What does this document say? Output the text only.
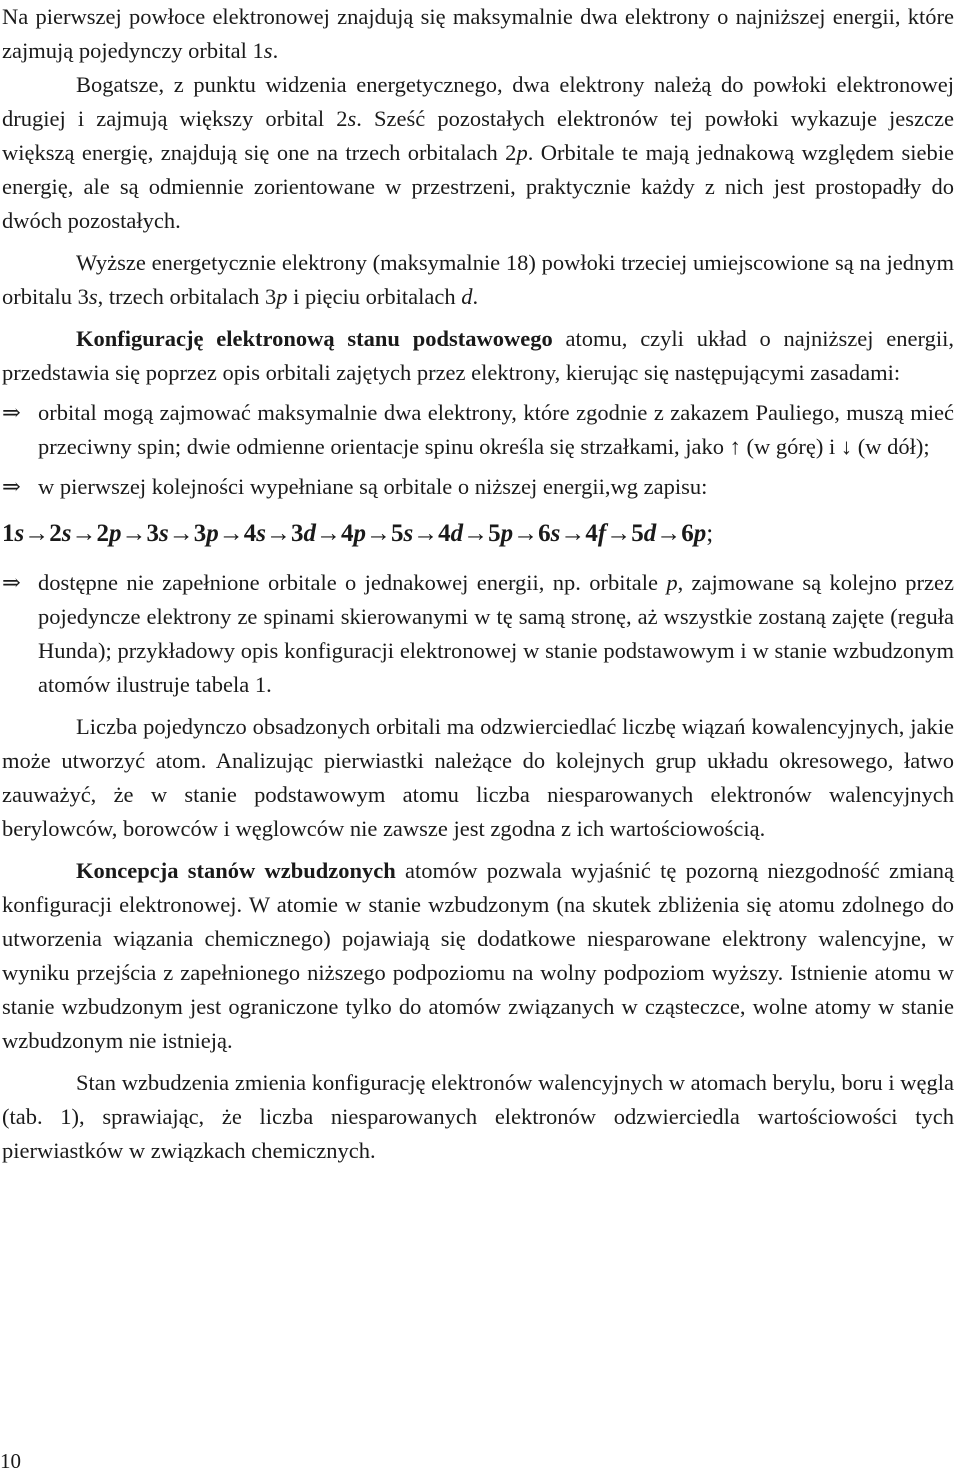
Na pierwszej powłoce elektronowej znajdują się maksymalnie dwa elektrony o najniższej energii, które zajmują pojedynczy orbital 1s.

Bogatsze, z punktu widzenia energetycznego, dwa elektrony należą do powłoki elektronowej drugiej i zajmują większy orbital 2s. Sześć pozostałych elektronów tej powłoki wykazuje jeszcze większą energię, znajdują się one na trzech orbitalach 2p. Orbitale te mają jednakową względem siebie energię, ale są odmiennie zorientowane w przestrzeni, praktycznie każdy z nich jest prostopadły do dwóch pozostałych.

Wyższe energetycznie elektrony (maksymalnie 18) powłoki trzeciej umiejscowione są na jednym orbitalu 3s, trzech orbitalach 3p i pięciu orbitalach d.

Konfigurację elektronową stanu podstawowego atomu, czyli układ o najniższej energii, przedstawia się poprzez opis orbitali zajętych przez elektrony, kierując się następującymi zasadami:

⇒ orbital mogą zajmować maksymalnie dwa elektrony, które zgodnie z zakazem Pauliego, muszą mieć przeciwny spin; dwie odmienne orientacje spinu określa się strzałkami, jako ↑ (w górę) i ↓ (w dół);
⇒ w pierwszej kolejności wypełniane są orbitale o niższej energii,wg zapisu:
1s→2s→2p→3s→3p→4s→3d→4p→5s→4d→5p→6s→4f→5d→6p;
⇒ dostępne nie zapełnione orbitale o jednakowej energii, np. orbitale p, zajmowane są kolejno przez pojedyncze elektrony ze spinami skierowanymi w tę samą stronę, aż wszystkie zostaną zajęte (reguła Hunda); przykładowy opis konfiguracji elektronowej w stanie podstawowym i w stanie wzbudzonym atomów ilustruje tabela 1.

Liczba pojedynczo obsadzonych orbitali ma odzwierciedlać liczbę wiązań kowalencyjnych, jakie może utworzyć atom. Analizując pierwiastki należące do kolejnych grup układu okresowego, łatwo zauważyć, że w stanie podstawowym atomu liczba niesparowanych elektronów walencyjnych berylowców, borowców i węglowców nie zawsze jest zgodna z ich wartościowością.

Koncepcja stanów wzbudzonych atomów pozwala wyjaśnić tę pozorną niezgodność zmianą konfiguracji elektronowej. W atomie w stanie wzbudzonym (na skutek zbliżenia się atomu zdolnego do utworzenia wiązania chemicznego) pojawiają się dodatkowe niesparowane elektrony walencyjne, w wyniku przejścia z zapełnionego niższego podpoziomu na wolny podpoziom wyższy. Istnienie atomu w stanie wzbudzonym jest ograniczone tylko do atomów związanych w cząsteczce, wolne atomy w stanie wzbudzonym nie istnieją.

Stan wzbudzenia zmienia konfigurację elektronów walencyjnych w atomach berylu, boru i węgla (tab. 1), sprawiając, że liczba niesparowanych elektronów odzwierciedla wartościowości tych pierwiastków w związkach chemicznych.

10
